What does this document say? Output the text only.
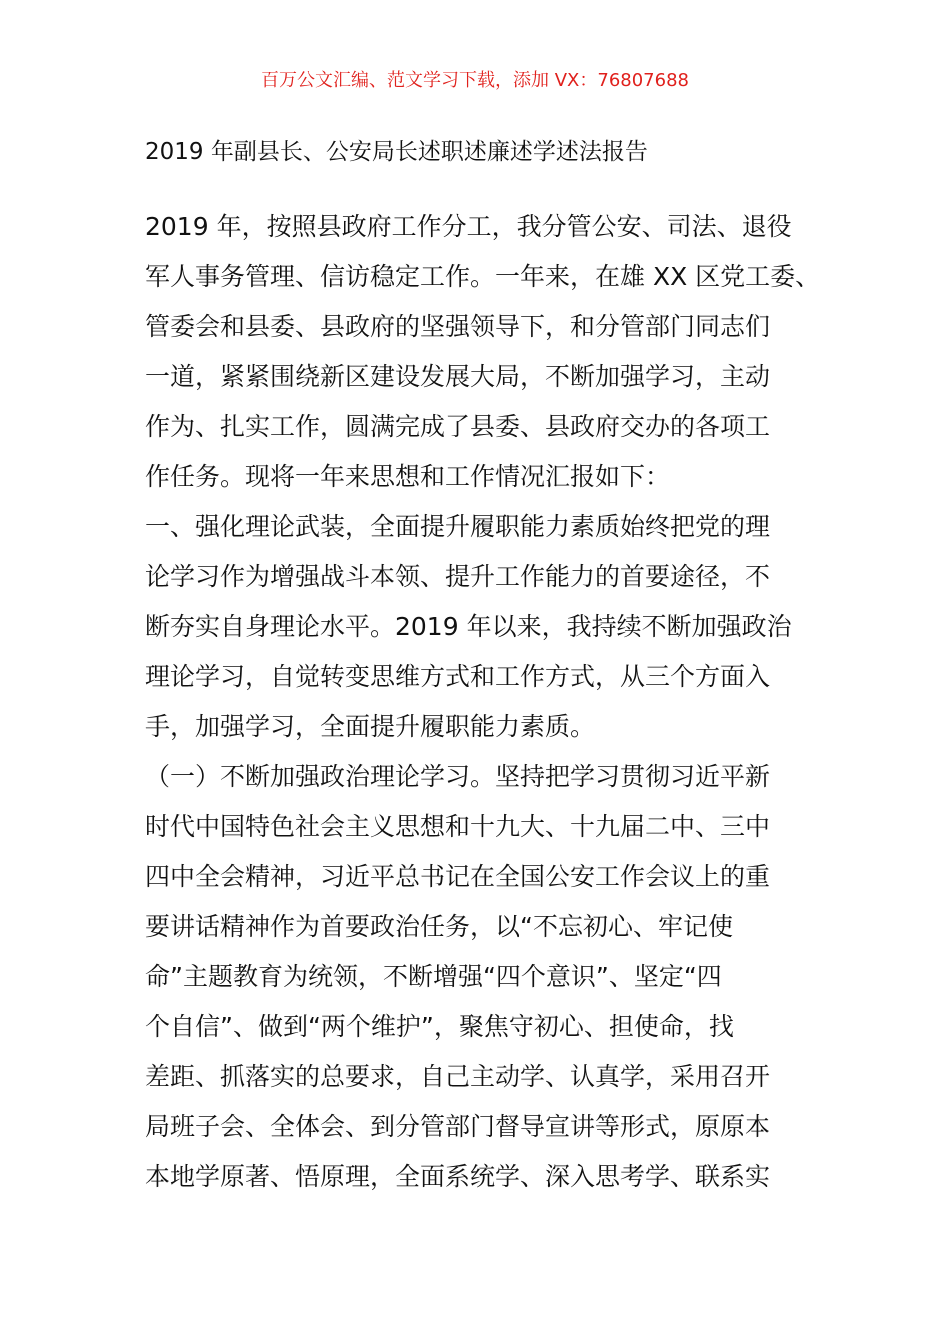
百万公文汇编、范文学习下载，添加 VX：76807688
2019 年副县长、公安局长述职述廉述学述法报告
2019 年，按照县政府工作分工，我分管公安、司法、退役
军人事务管理、信访稳定工作。一年来，在雄 XX 区党工委、
管委会和县委、县政府的坚强领导下，和分管部门同志们
一道，紧紧围绕新区建设发展大局，不断加强学习，主动
作为、扎实工作，圆满完成了县委、县政府交办的各项工
作任务。现将一年来思想和工作情况汇报如下：
一、强化理论武装，全面提升履职能力素质始终把党的理
论学习作为增强战斗本领、提升工作能力的首要途径，不
断夯实自身理论水平。2019 年以来，我持续不断加强政治
理论学习，自觉转变思维方式和工作方式，从三个方面入
手，加强学习，全面提升履职能力素质。
（一）不断加强政治理论学习。坚持把学习贯彻习近平新
时代中国特色社会主义思想和十九大、十九届二中、三中
四中全会精神，习近平总书记在全国公安工作会议上的重
要讲话精神作为首要政治任务，以“不忘初心、牢记使
命”主题教育为统领，不断增强“四个意识”、坚定“四
个自信”、做到“两个维护”，聚焦守初心、担使命，找
差距、抓落实的总要求，自己主动学、认真学，采用召开
局班子会、全体会、到分管部门督导宣讲等形式，原原本
本地学原著、悟原理，全面系统学、深入思考学、联系实
